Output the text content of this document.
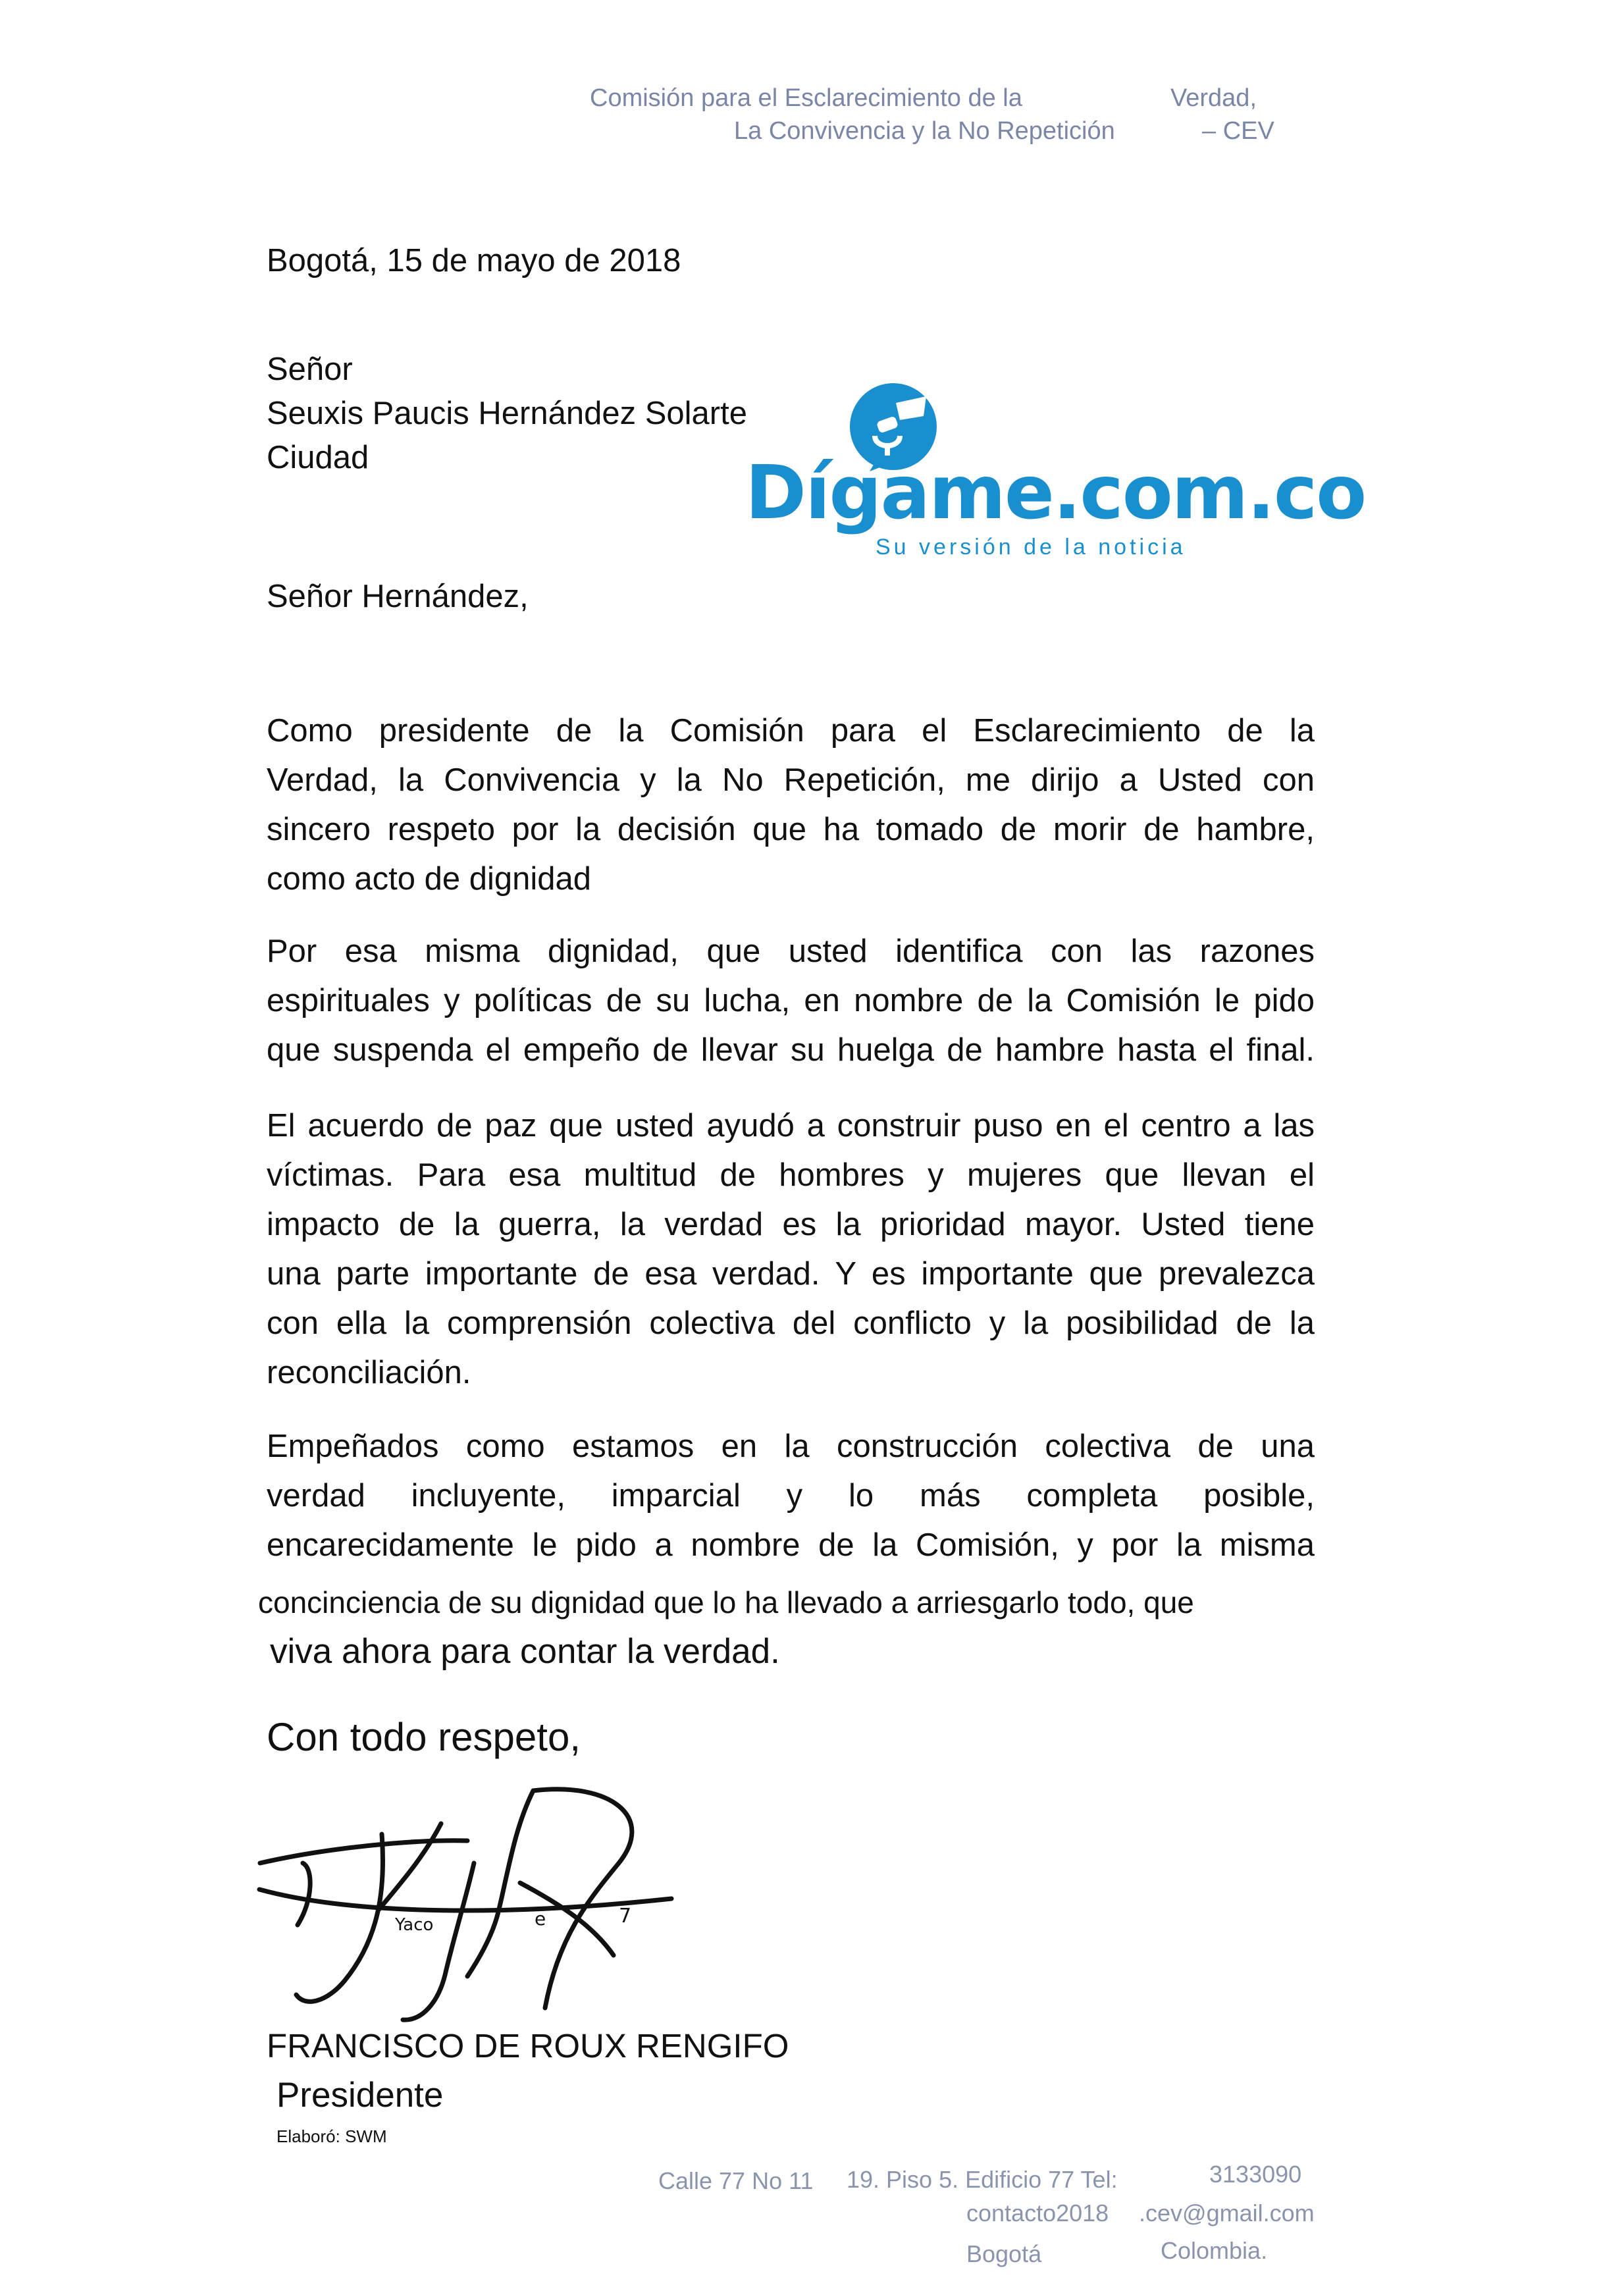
Comisión para el Esclarecimiento de la	Verdad,
La Convivencia y la No Repetición	– CEV
Bogotá, 15 de mayo de 2018
Señor
Seuxis Paucis Hernández Solarte
Ciudad	Dígame.com.co
Su versión de la noticia
Señor Hernández,

Como presidente de la Comisión para el Esclarecimiento de la

Verdad, la Convivencia y la No Repetición, me dirijo a Usted con

sincero respeto por la decisión que ha tomado de morir de hambre,

como acto de dignidad

Por esa misma dignidad, que usted identifica con las razones

espirituales y políticas de su lucha, en nombre de la Comisión le pido

que suspenda el empeño de llevar su huelga de hambre hasta el final.

El acuerdo de paz que usted ayudó a construir puso en el centro a las

víctimas. Para esa multitud de hombres y mujeres que llevan el

impacto de la guerra, la verdad es la prioridad mayor. Usted tiene

una parte importante de esa verdad. Y es importante que prevalezca

con ella la comprensión colectiva del conflicto y la posibilidad de la

reconciliación.

Empeñados como estamos en la construcción colectiva de una

verdad incluyente, imparcial y lo más completa posible,

encarecidamente le pido a nombre de la Comisión, y por la misma

concinciencia de su dignidad que lo ha llevado a arriesgarlo todo, que
viva ahora para contar la verdad.
Con todo respeto,
Yaco	e	7
FRANCISCO DE ROUX RENGIFO
Presidente
Elaboró: SWM
Calle 77 No 11 19. Piso 5. Edificio 77 Tel:	3133090
contacto2018 .cev@gmail.com
Bogotá	Colombia.
